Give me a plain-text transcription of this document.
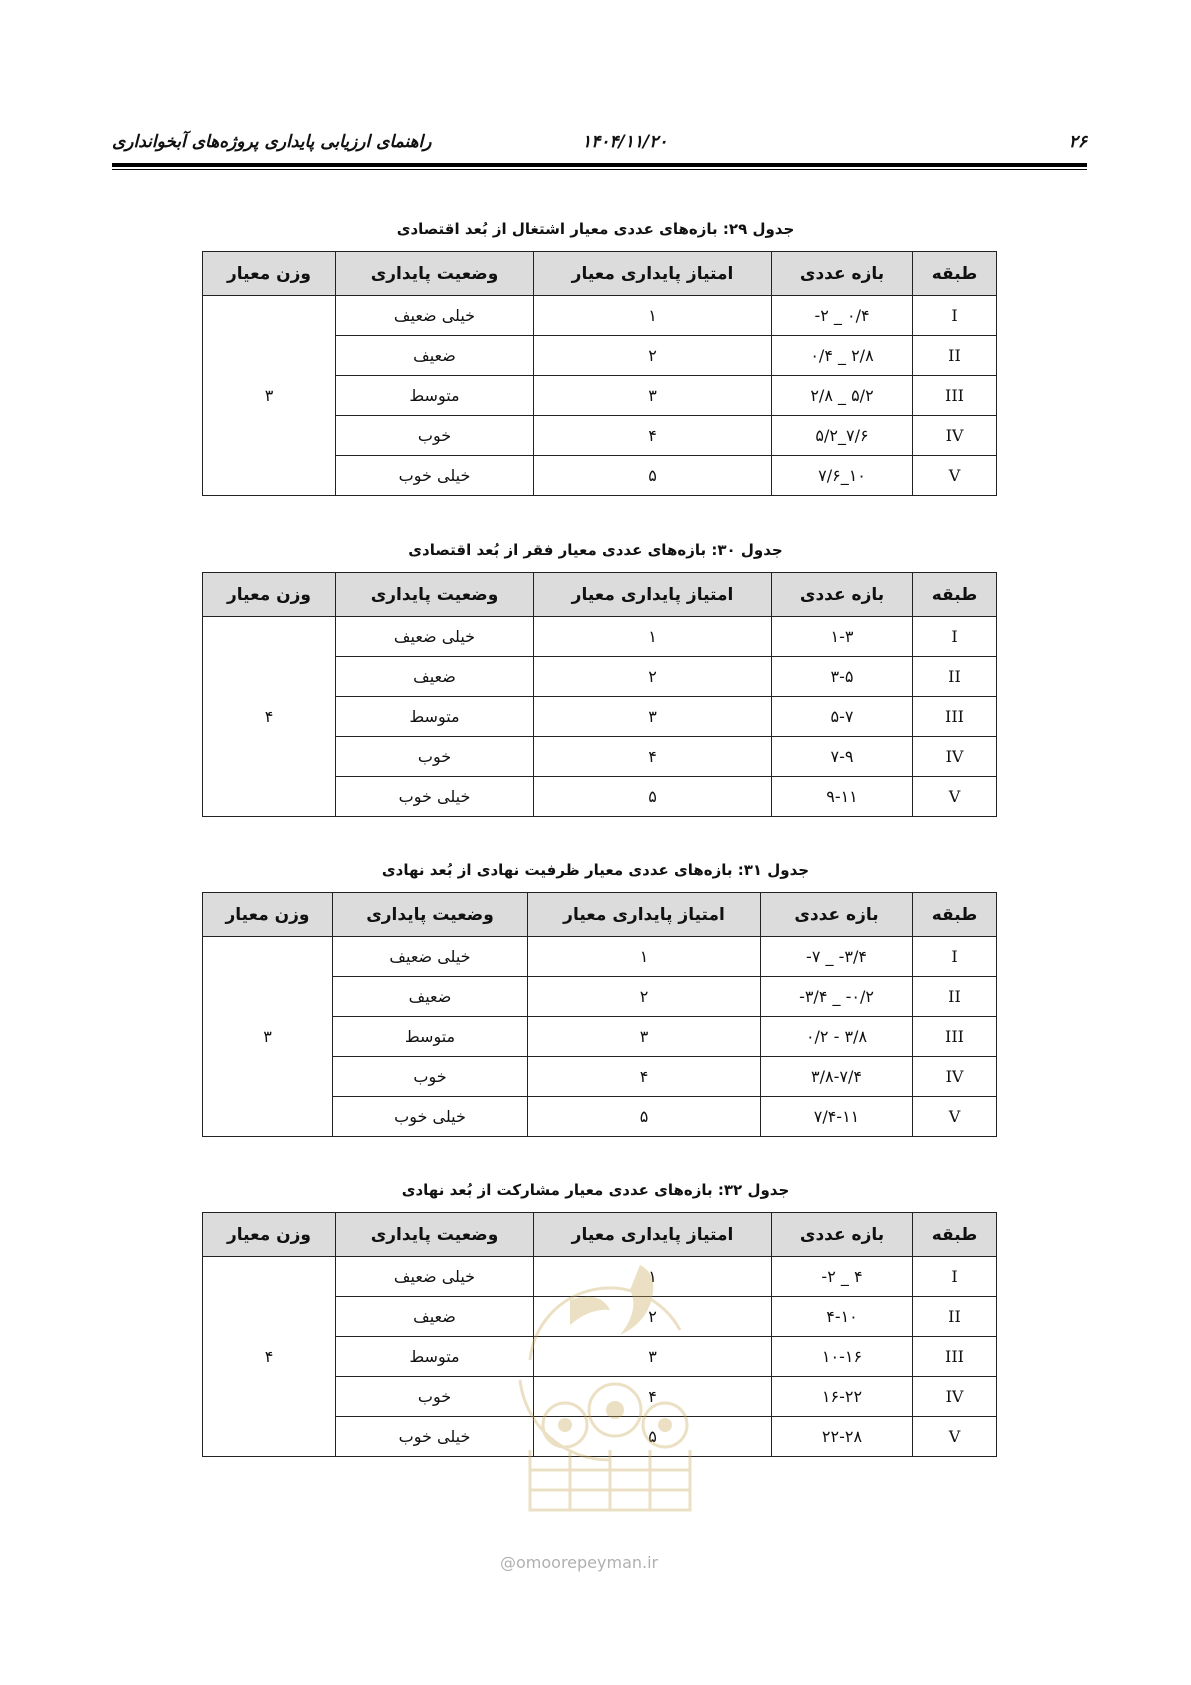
۲۶
۱۴۰۴/۱۱/۲۰
راهنمای ارزیابی پایداری پروژه‌های آبخوانداری
جدول ۲۹: بازه‌های عددی معیار اشتغال از بُعد اقتصادی
طبقه	بازه عددی	امتیاز پایداری معیار	وضعیت پایداری	وزن معیار
I	-۲ _ ۰/۴	۱	خیلی ضعیف	۳
II	۰/۴ _ ۲/۸	۲	ضعیف	
III	۲/۸ _ ۵/۲	۳	متوسط	
IV	۵/۲_۷/۶	۴	خوب	
V	۷/۶_۱۰	۵	خیلی خوب	
جدول ۳۰: بازه‌های عددی معیار فقر از بُعد اقتصادی
طبقه	بازه عددی	امتیاز پایداری معیار	وضعیت پایداری	وزن معیار
I	۱-۳	۱	خیلی ضعیف	۴
II	۳-۵	۲	ضعیف	
III	۵-۷	۳	متوسط	
IV	۷-۹	۴	خوب	
V	۹-۱۱	۵	خیلی خوب	
جدول ۳۱: بازه‌های عددی معیار ظرفیت نهادی از بُعد نهادی
طبقه	بازه عددی	امتیاز پایداری معیار	وضعیت پایداری	وزن معیار
I	-۷ _ -۳/۴	۱	خیلی ضعیف	۳
II	-۳/۴ _ -۰/۲	۲	ضعیف	
III	۰/۲ - ۳/۸	۳	متوسط	
IV	۳/۸-۷/۴	۴	خوب	
V	۷/۴-۱۱	۵	خیلی خوب	
جدول ۳۲: بازه‌های عددی معیار مشارکت از بُعد نهادی
طبقه	بازه عددی	امتیاز پایداری معیار	وضعیت پایداری	وزن معیار
I	-۲ _ ۴	۱	خیلی ضعیف	۴
II	۴-۱۰	۲	ضعیف	
III	۱۰-۱۶	۳	متوسط	
IV	۱۶-۲۲	۴	خوب	
V	۲۲-۲۸	۵	خیلی خوب	
@omoorepeyman.ir
